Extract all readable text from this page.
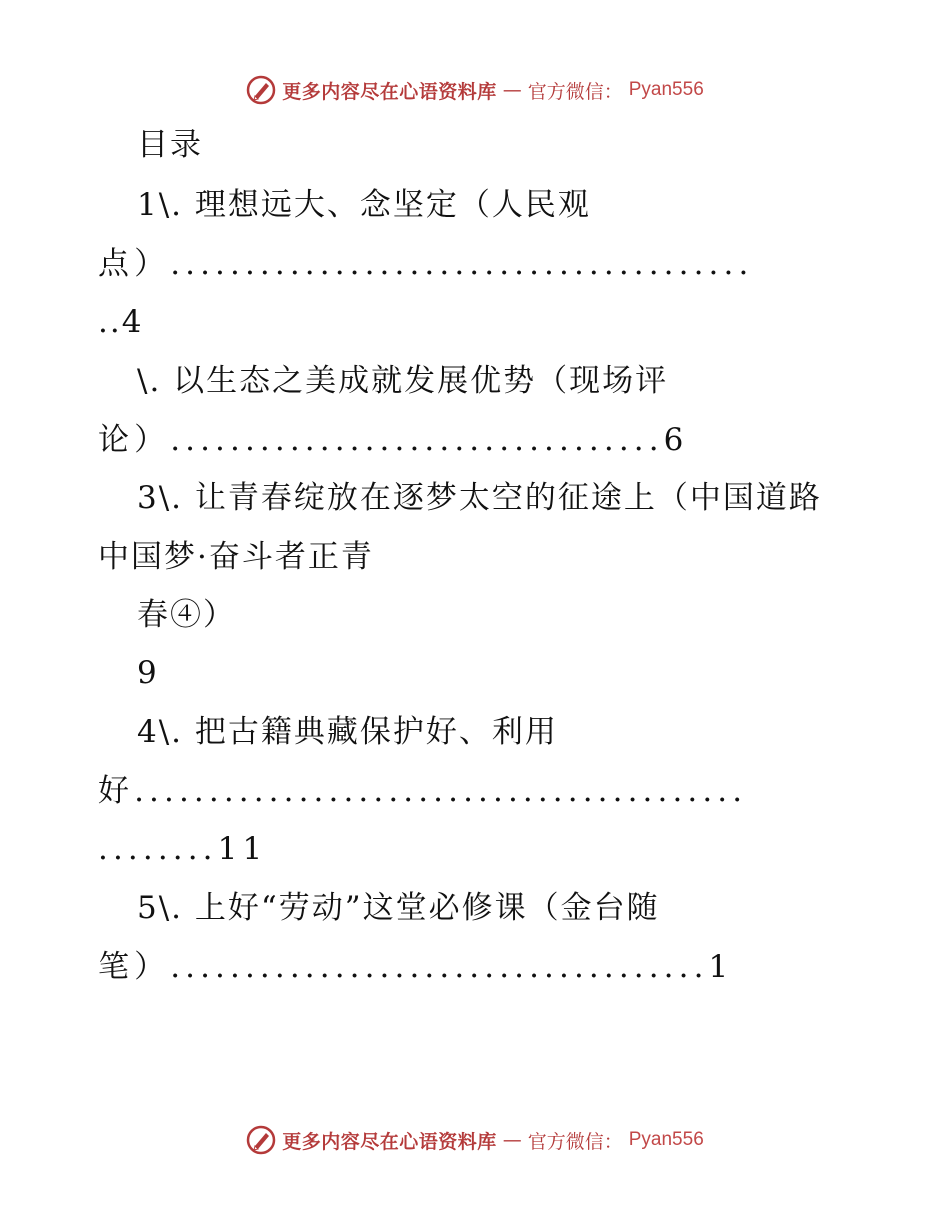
更多内容尽在心语资料库 — 官方微信： Pyan556
目录
1\. 理想远大、念坚定（人民观
点）.......................................
..4
\. 以生态之美成就发展优势（现场评
论）.................................6
3\. 让青春绽放在逐梦太空的征途上（中国道路
中国梦·奋斗者正青
春④）
9
4\. 把古籍典藏保护好、利用
好.........................................
........11
5\. 上好“劳动”这堂必修课（金台随
笔）....................................1
更多内容尽在心语资料库 — 官方微信： Pyan556
